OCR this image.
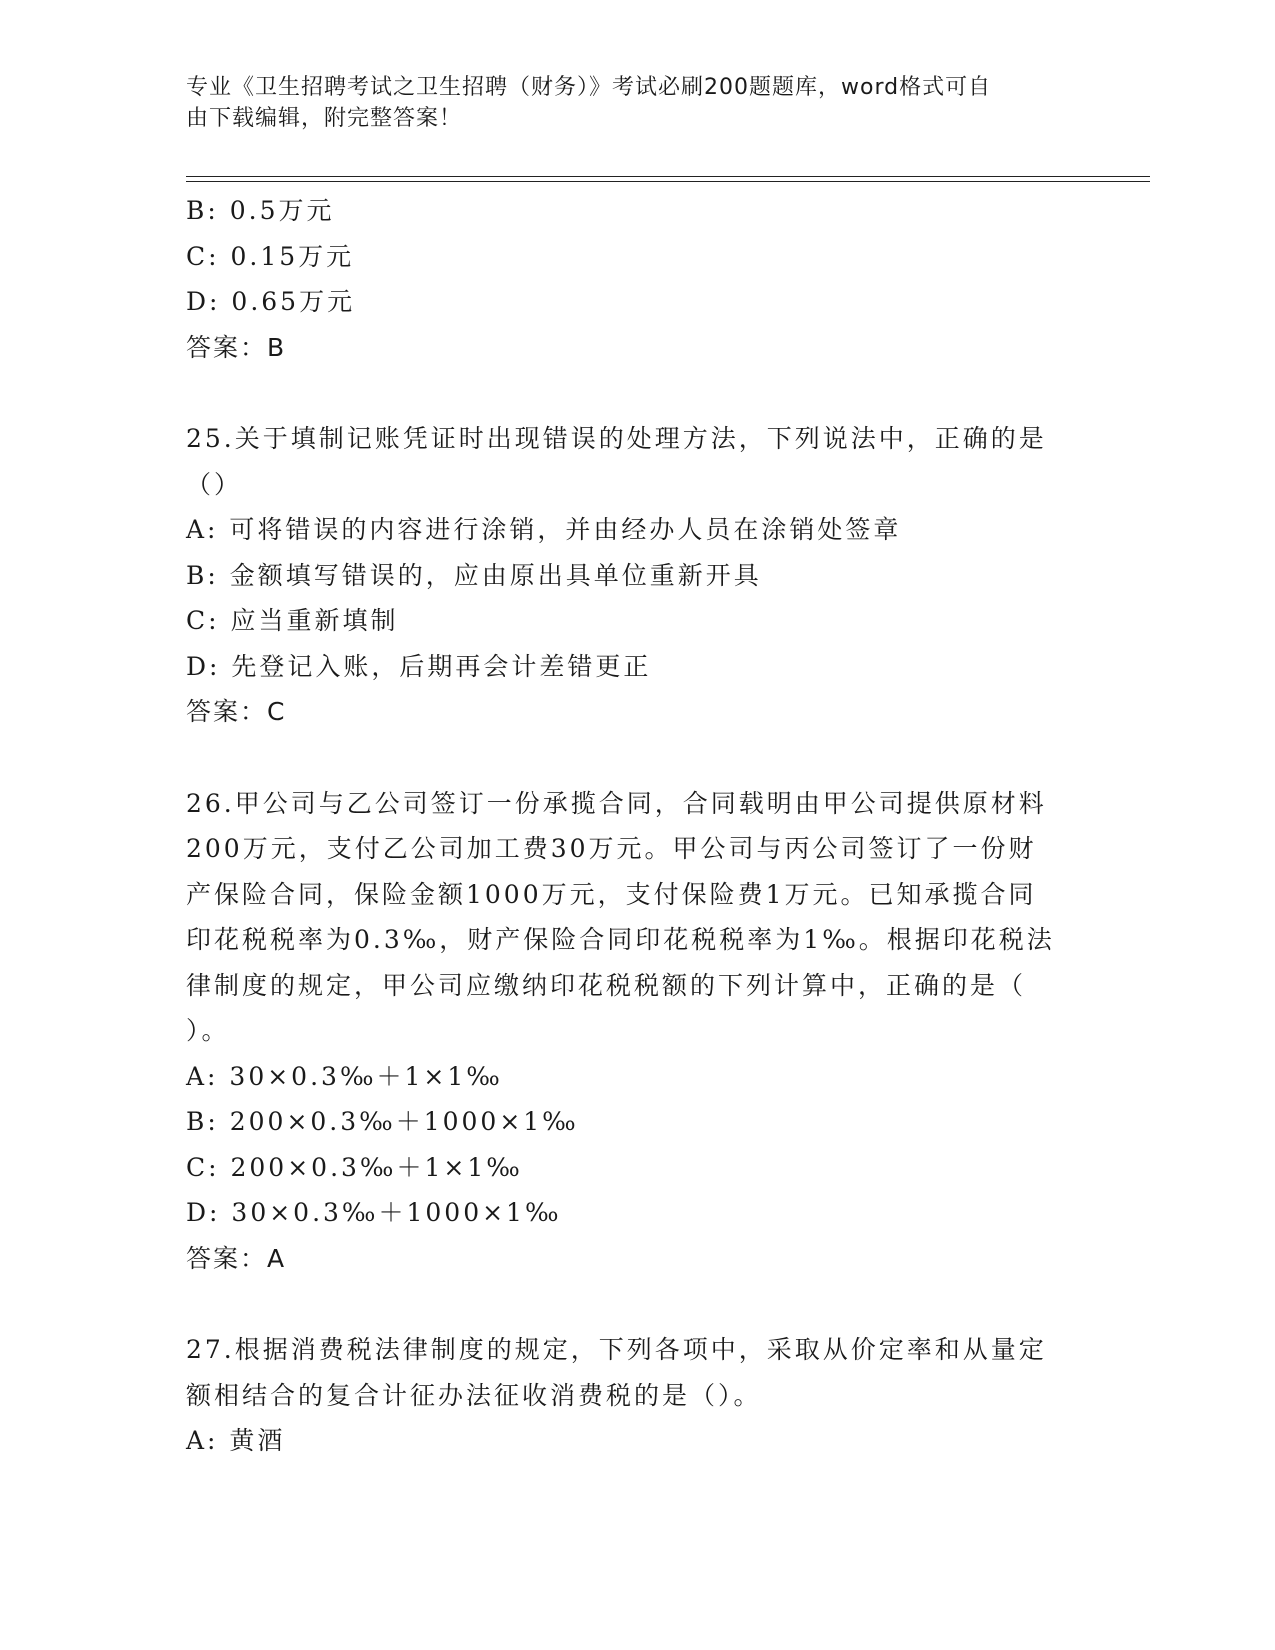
专业《卫生招聘考试之卫生招聘（财务）》考试必刷200题题库，word格式可自
由下载编辑，附完整答案！
B: 0.5万元
C: 0.15万元
D: 0.65万元
答案：B
25.关于填制记账凭证时出现错误的处理方法，下列说法中，正确的是
（）
A: 可将错误的内容进行涂销，并由经办人员在涂销处签章
B: 金额填写错误的，应由原出具单位重新开具
C: 应当重新填制
D: 先登记入账，后期再会计差错更正
答案：C
26.甲公司与乙公司签订一份承揽合同，合同载明由甲公司提供原材料
200万元，支付乙公司加工费30万元。甲公司与丙公司签订了一份财
产保险合同，保险金额1000万元，支付保险费1万元。已知承揽合同
印花税税率为0.3‰，财产保险合同印花税税率为1‰。根据印花税法
律制度的规定，甲公司应缴纳印花税税额的下列计算中，正确的是（
）。
A: 30×0.3‰＋1×1‰
B: 200×0.3‰＋1000×1‰
C: 200×0.3‰＋1×1‰
D: 30×0.3‰＋1000×1‰
答案：A
27.根据消费税法律制度的规定，下列各项中，采取从价定率和从量定
额相结合的复合计征办法征收消费税的是（）。
A: 黄酒
